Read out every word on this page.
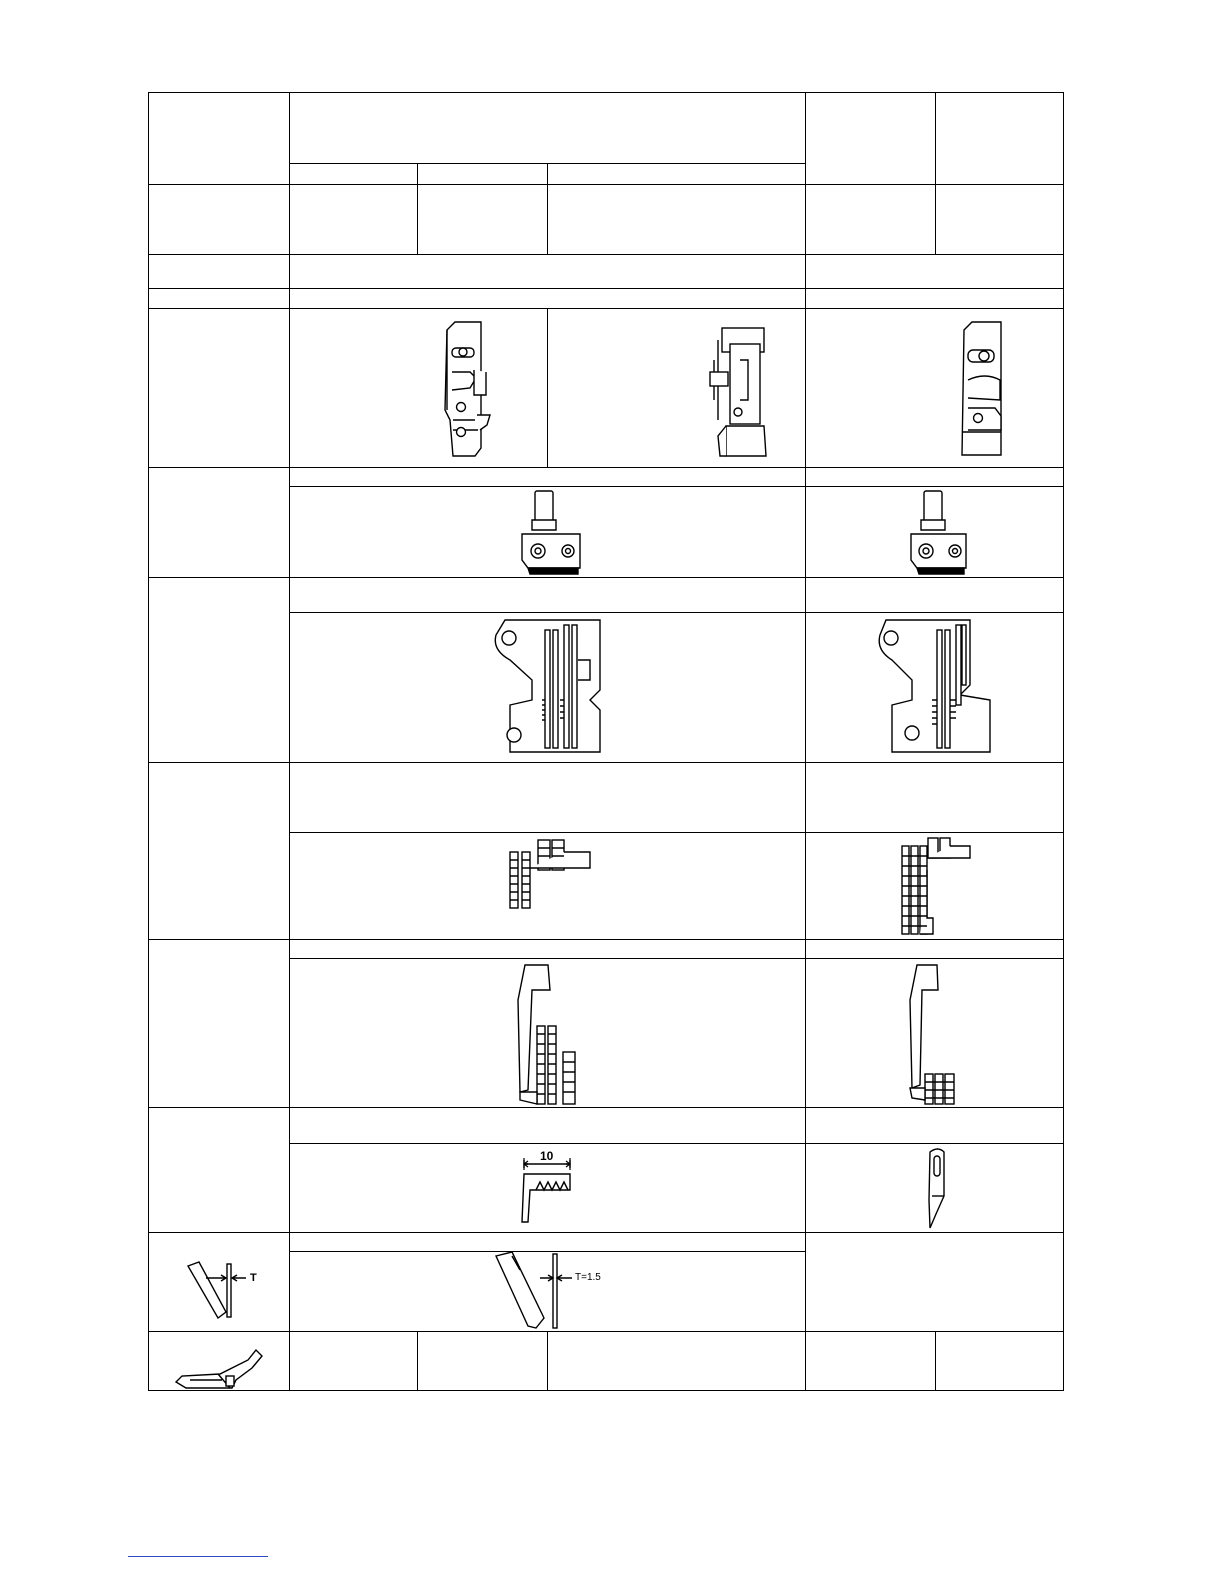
10
T	T=1.5
